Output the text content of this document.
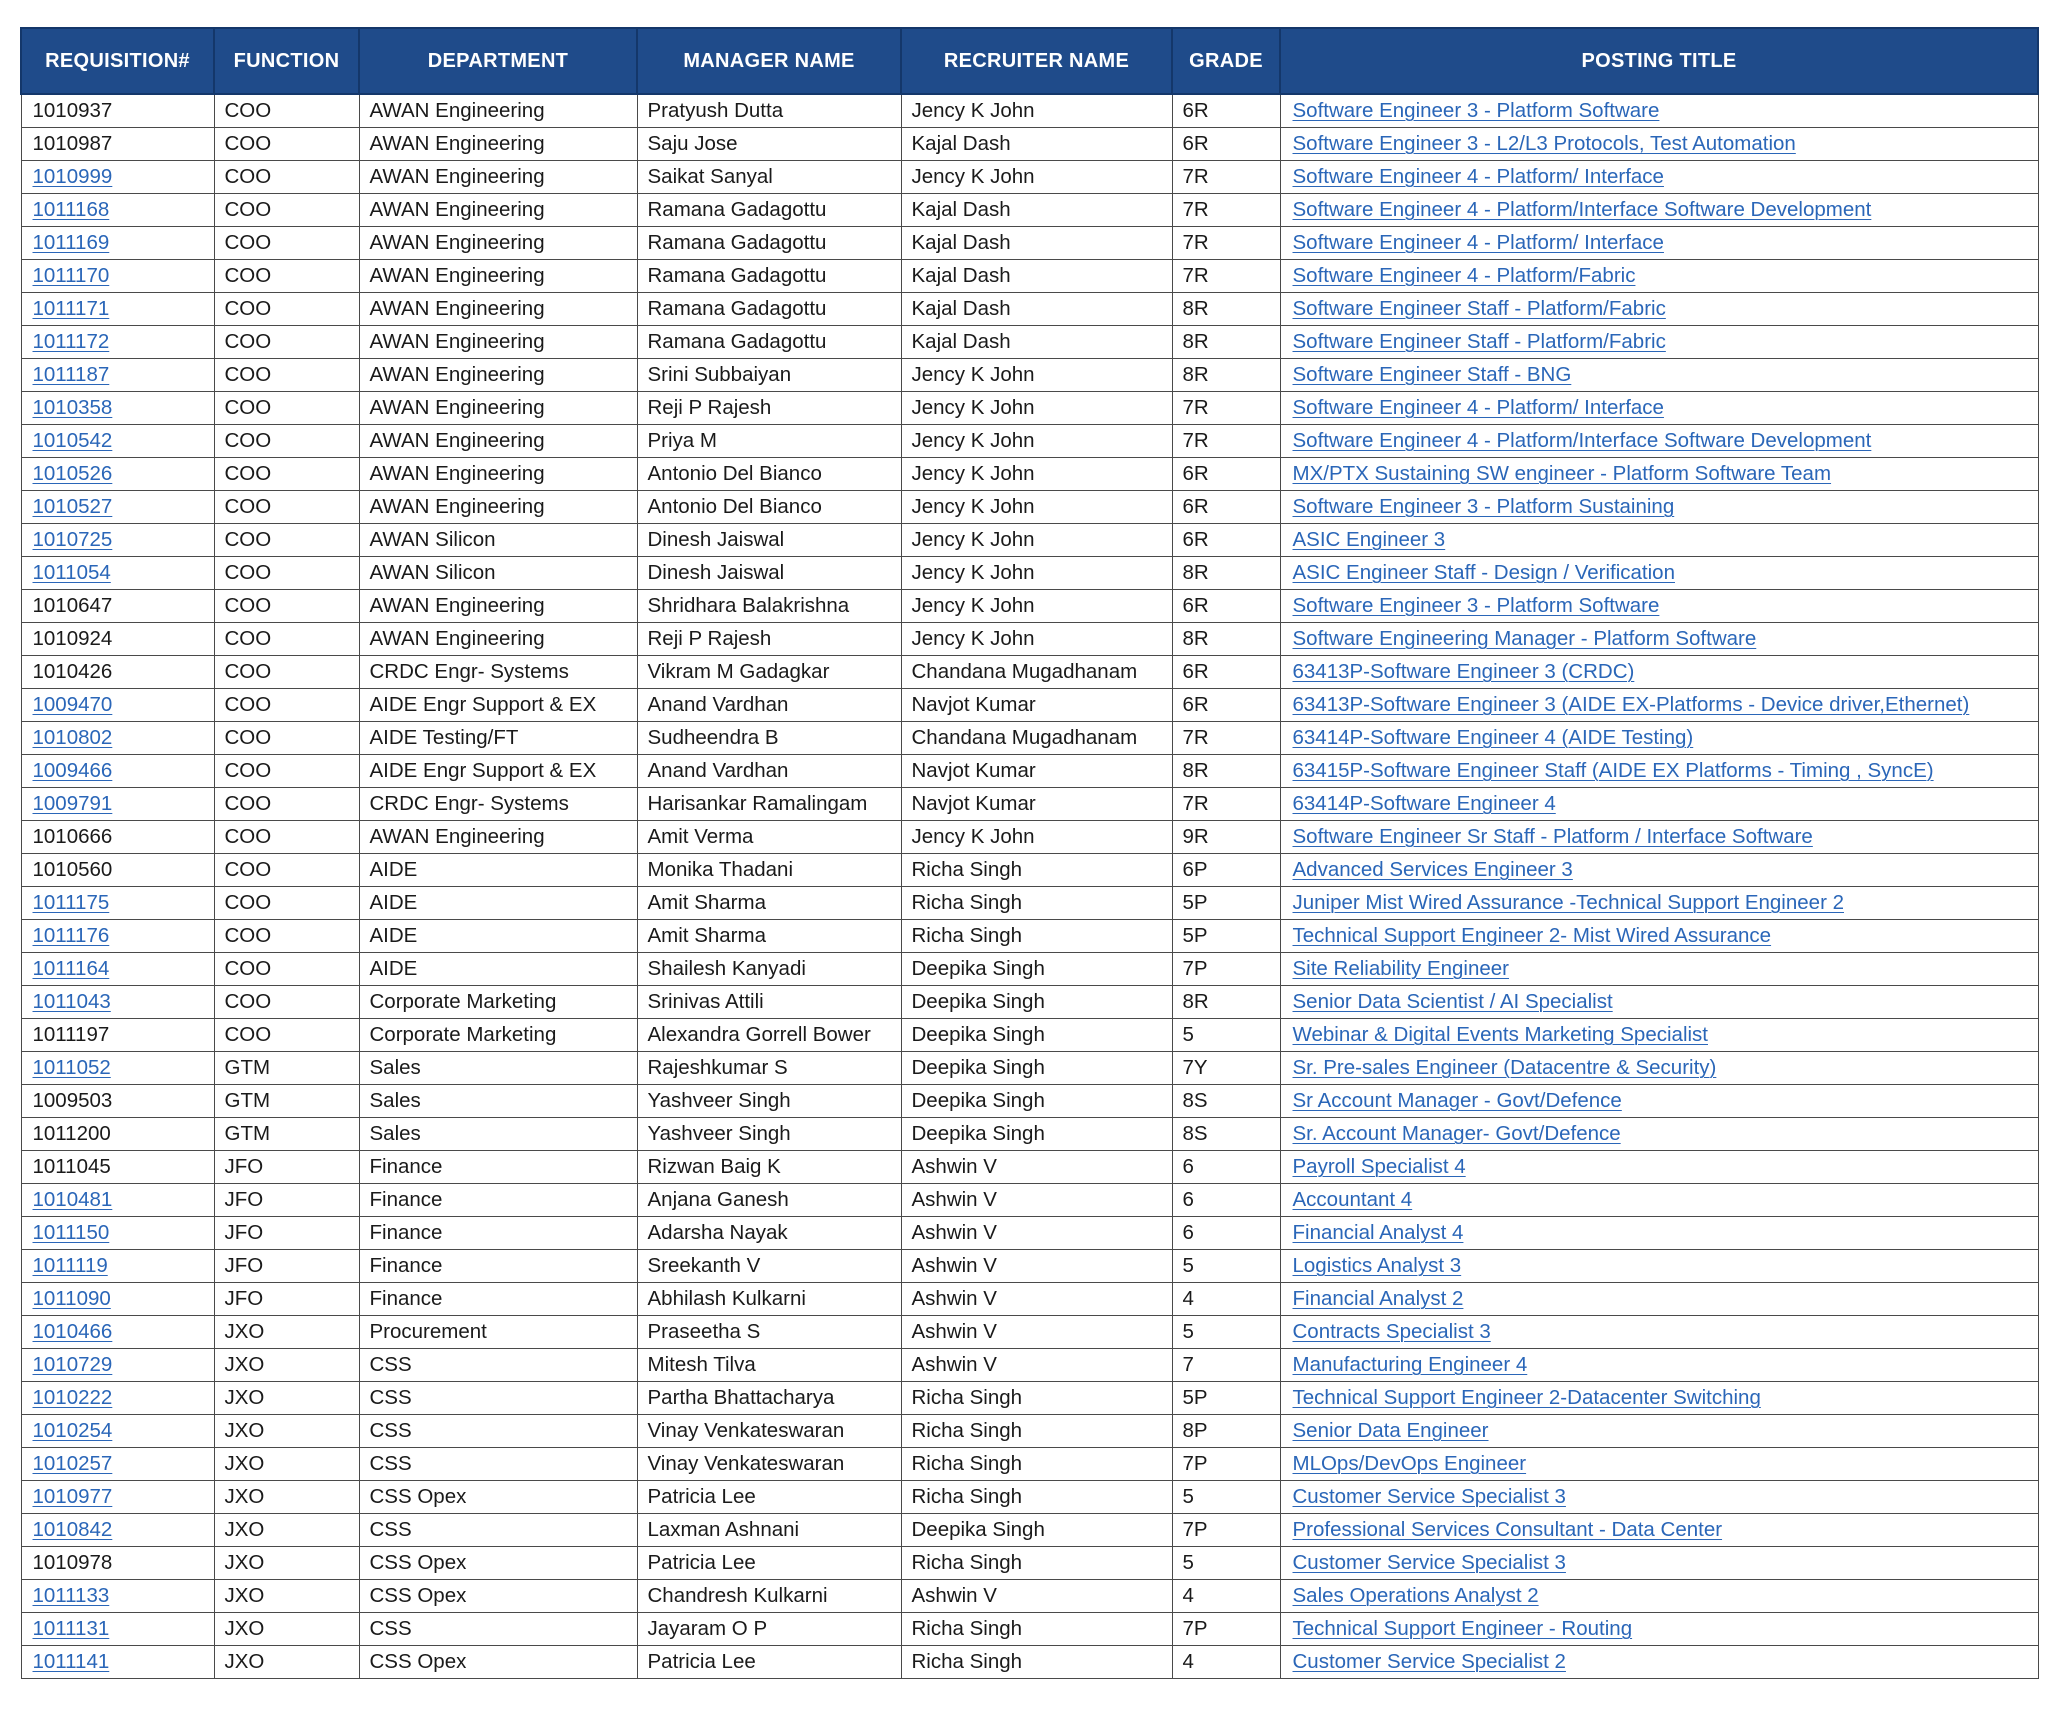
REQUISITION#	FUNCTION	DEPARTMENT	MANAGER NAME	RECRUITER NAME	GRADE	POSTING TITLE
1010937	COO	AWAN Engineering	Pratyush Dutta	Jency K John	6R	Software Engineer 3 - Platform Software
1010987	COO	AWAN Engineering	Saju Jose	Kajal Dash	6R	Software Engineer 3 - L2/L3 Protocols, Test Automation
1010999	COO	AWAN Engineering	Saikat Sanyal	Jency K John	7R	Software Engineer 4 - Platform/ Interface
1011168	COO	AWAN Engineering	Ramana Gadagottu	Kajal Dash	7R	Software Engineer 4 - Platform/Interface Software Development
1011169	COO	AWAN Engineering	Ramana Gadagottu	Kajal Dash	7R	Software Engineer 4 - Platform/ Interface
1011170	COO	AWAN Engineering	Ramana Gadagottu	Kajal Dash	7R	Software Engineer 4 - Platform/Fabric
1011171	COO	AWAN Engineering	Ramana Gadagottu	Kajal Dash	8R	Software Engineer Staff - Platform/Fabric
1011172	COO	AWAN Engineering	Ramana Gadagottu	Kajal Dash	8R	Software Engineer Staff - Platform/Fabric
1011187	COO	AWAN Engineering	Srini Subbaiyan	Jency K John	8R	Software Engineer Staff - BNG
1010358	COO	AWAN Engineering	Reji P Rajesh	Jency K John	7R	Software Engineer 4 - Platform/ Interface
1010542	COO	AWAN Engineering	Priya M	Jency K John	7R	Software Engineer 4 - Platform/Interface Software Development
1010526	COO	AWAN Engineering	Antonio Del Bianco	Jency K John	6R	MX/PTX Sustaining SW engineer - Platform Software Team
1010527	COO	AWAN Engineering	Antonio Del Bianco	Jency K John	6R	Software Engineer 3 - Platform Sustaining
1010725	COO	AWAN Silicon	Dinesh Jaiswal	Jency K John	6R	ASIC Engineer 3
1011054	COO	AWAN Silicon	Dinesh Jaiswal	Jency K John	8R	ASIC Engineer Staff - Design / Verification
1010647	COO	AWAN Engineering	Shridhara Balakrishna	Jency K John	6R	Software Engineer 3 - Platform Software
1010924	COO	AWAN Engineering	Reji P Rajesh	Jency K John	8R	Software Engineering Manager - Platform Software
1010426	COO	CRDC Engr- Systems	Vikram M Gadagkar	Chandana Mugadhanam	6R	63413P-Software Engineer 3 (CRDC)
1009470	COO	AIDE Engr Support & EX	Anand Vardhan	Navjot Kumar	6R	63413P-Software Engineer 3 (AIDE EX-Platforms - Device driver,Ethernet)
1010802	COO	AIDE Testing/FT	Sudheendra B	Chandana Mugadhanam	7R	63414P-Software Engineer 4 (AIDE Testing)
1009466	COO	AIDE Engr Support & EX	Anand Vardhan	Navjot Kumar	8R	63415P-Software Engineer Staff (AIDE EX Platforms - Timing , SyncE)
1009791	COO	CRDC Engr- Systems	Harisankar Ramalingam	Navjot Kumar	7R	63414P-Software Engineer 4
1010666	COO	AWAN Engineering	Amit Verma	Jency K John	9R	Software Engineer Sr Staff - Platform / Interface Software
1010560	COO	AIDE	Monika Thadani	Richa Singh	6P	Advanced Services Engineer 3
1011175	COO	AIDE	Amit Sharma	Richa Singh	5P	Juniper Mist Wired Assurance -Technical Support Engineer 2
1011176	COO	AIDE	Amit Sharma	Richa Singh	5P	Technical Support Engineer 2- Mist Wired Assurance
1011164	COO	AIDE	Shailesh Kanyadi	Deepika Singh	7P	Site Reliability Engineer
1011043	COO	Corporate Marketing	Srinivas Attili	Deepika Singh	8R	Senior Data Scientist / AI Specialist
1011197	COO	Corporate Marketing	Alexandra Gorrell Bower	Deepika Singh	5	Webinar & Digital Events Marketing Specialist
1011052	GTM	Sales	Rajeshkumar S	Deepika Singh	7Y	Sr. Pre-sales Engineer (Datacentre & Security)
1009503	GTM	Sales	Yashveer Singh	Deepika Singh	8S	Sr Account Manager - Govt/Defence
1011200	GTM	Sales	Yashveer Singh	Deepika Singh	8S	Sr. Account Manager- Govt/Defence
1011045	JFO	Finance	Rizwan Baig K	Ashwin V	6	Payroll Specialist 4
1010481	JFO	Finance	Anjana Ganesh	Ashwin V	6	Accountant 4
1011150	JFO	Finance	Adarsha Nayak	Ashwin V	6	Financial Analyst 4
1011119	JFO	Finance	Sreekanth V	Ashwin V	5	Logistics Analyst 3
1011090	JFO	Finance	Abhilash Kulkarni	Ashwin V	4	Financial Analyst 2
1010466	JXO	Procurement	Praseetha S	Ashwin V	5	Contracts Specialist 3
1010729	JXO	CSS	Mitesh Tilva	Ashwin V	7	Manufacturing Engineer 4
1010222	JXO	CSS	Partha Bhattacharya	Richa Singh	5P	Technical Support Engineer 2-Datacenter Switching
1010254	JXO	CSS	Vinay Venkateswaran	Richa Singh	8P	Senior Data Engineer
1010257	JXO	CSS	Vinay Venkateswaran	Richa Singh	7P	MLOps/DevOps Engineer
1010977	JXO	CSS Opex	Patricia Lee	Richa Singh	5	Customer Service Specialist 3
1010842	JXO	CSS	Laxman Ashnani	Deepika Singh	7P	Professional Services Consultant - Data Center
1010978	JXO	CSS Opex	Patricia Lee	Richa Singh	5	Customer Service Specialist 3
1011133	JXO	CSS Opex	Chandresh Kulkarni	Ashwin V	4	Sales Operations Analyst 2
1011131	JXO	CSS	Jayaram O P	Richa Singh	7P	Technical Support Engineer - Routing
1011141	JXO	CSS Opex	Patricia Lee	Richa Singh	4	Customer Service Specialist 2
